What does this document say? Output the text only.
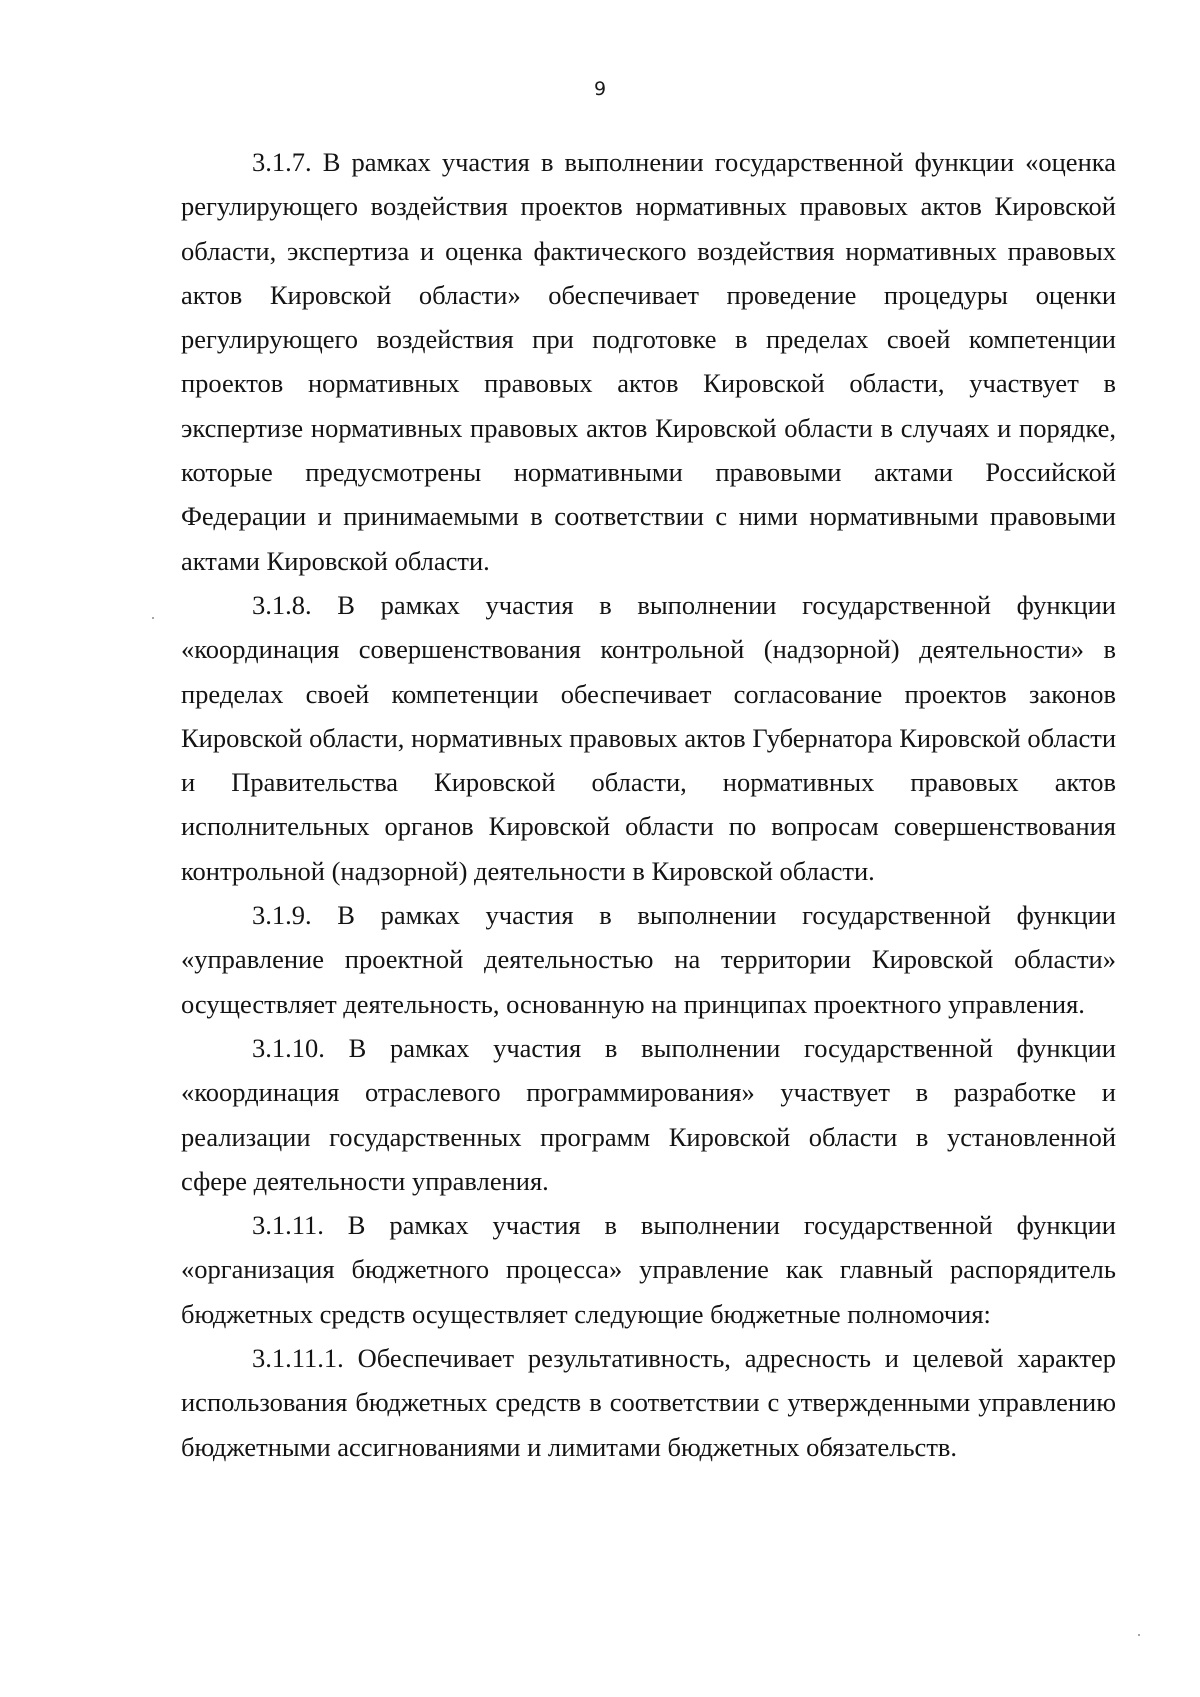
9

3.1.7. В рамках участия в выполнении государственной функции «оценка регулирующего воздействия проектов нормативных правовых актов Кировской области, экспертиза и оценка фактического воздействия нормативных правовых актов Кировской области» обеспечивает проведение процедуры оценки регулирующего воздействия при подготовке в пределах своей компетенции проектов нормативных правовых актов Кировской области, участвует в экспертизе нормативных правовых актов Кировской области в случаях и порядке, которые предусмотрены нормативными правовыми актами Российской Федерации и принимаемыми в соответствии с ними нормативными правовыми актами Кировской области.

3.1.8. В рамках участия в выполнении государственной функции «координация совершенствования контрольной (надзорной) деятельности» в пределах своей компетенции обеспечивает согласование проектов законов Кировской области, нормативных правовых актов Губернатора Кировской области и Правительства Кировской области, нормативных правовых актов исполнительных органов Кировской области по вопросам совершенствования контрольной (надзорной) деятельности в Кировской области.

3.1.9. В рамках участия в выполнении государственной функции «управление проектной деятельностью на территории Кировской области» осуществляет деятельность, основанную на принципах проектного управления.

3.1.10. В рамках участия в выполнении государственной функции «координация отраслевого программирования» участвует в разработке и реализации государственных программ Кировской области в установленной сфере деятельности управления.

3.1.11. В рамках участия в выполнении государственной функции «организация бюджетного процесса» управление как главный распорядитель бюджетных средств осуществляет следующие бюджетные полномочия:

3.1.11.1. Обеспечивает результативность, адресность и целевой характер использования бюджетных средств в соответствии с утвержденными управлению бюджетными ассигнованиями и лимитами бюджетных обязательств.
